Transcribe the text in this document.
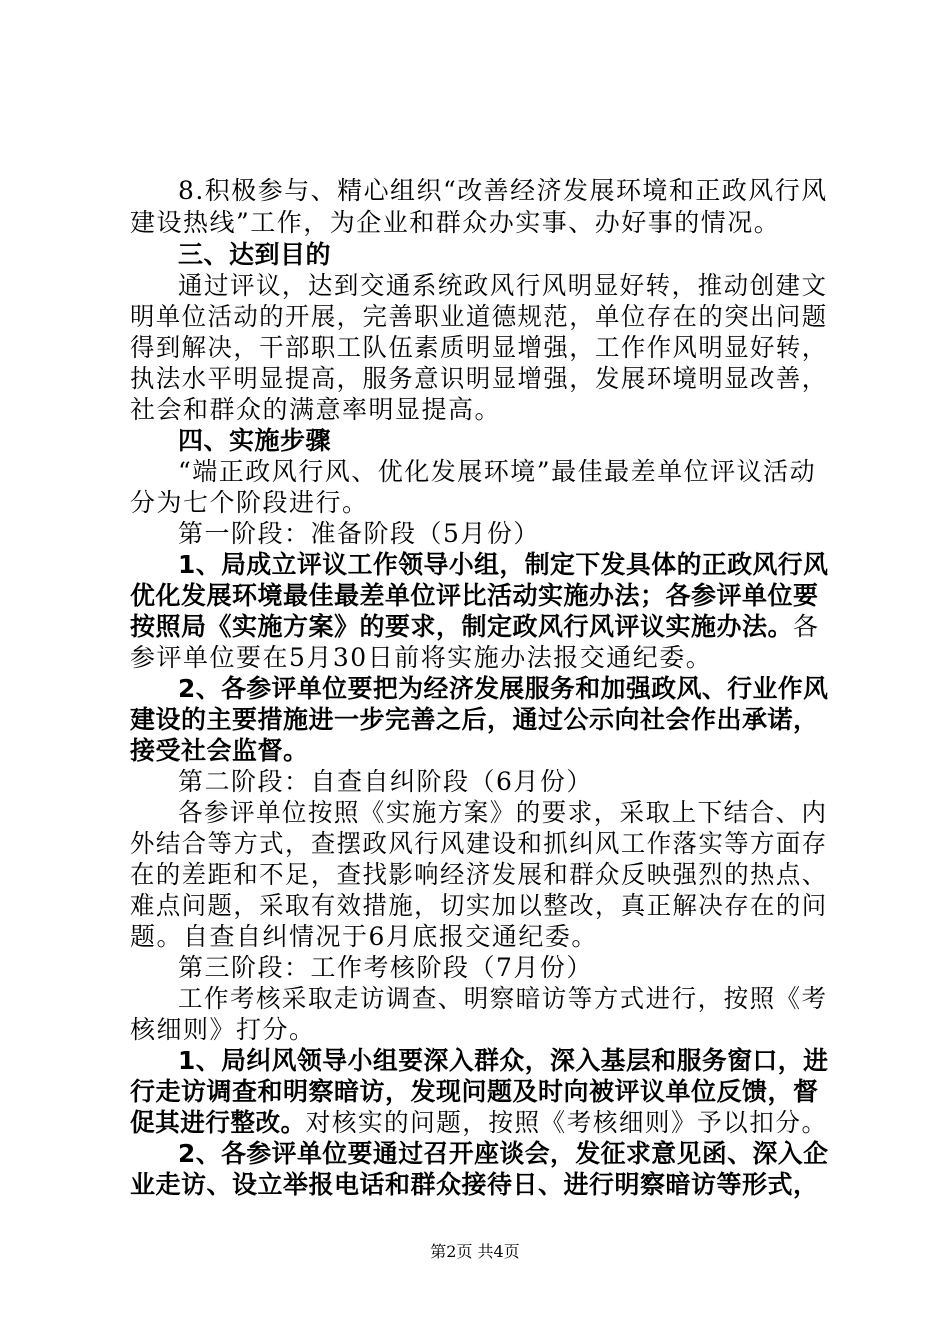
8.积极参与、精心组织“改善经济发展环境和正政风行风
建设热线”工作，为企业和群众办实事、办好事的情况。
三、达到目的
通过评议，达到交通系统政风行风明显好转，推动创建文
明单位活动的开展，完善职业道德规范，单位存在的突出问题
得到解决，干部职工队伍素质明显增强，工作作风明显好转，
执法水平明显提高，服务意识明显增强，发展环境明显改善，
社会和群众的满意率明显提高。
四、实施步骤
“端正政风行风、优化发展环境”最佳最差单位评议活动
分为七个阶段进行。
第一阶段：准备阶段（5月份）
1、局成立评议工作领导小组，制定下发具体的正政风行风
优化发展环境最佳最差单位评比活动实施办法；各参评单位要
按照局《实施方案》的要求，制定政风行风评议实施办法。各
参评单位要在5月30日前将实施办法报交通纪委。
2、各参评单位要把为经济发展服务和加强政风、行业作风
建设的主要措施进一步完善之后，通过公示向社会作出承诺，
接受社会监督。
第二阶段：自查自纠阶段（6月份）
各参评单位按照《实施方案》的要求，采取上下结合、内
外结合等方式，查摆政风行风建设和抓纠风工作落实等方面存
在的差距和不足，查找影响经济发展和群众反映强烈的热点、
难点问题，采取有效措施，切实加以整改，真正解决存在的问
题。自查自纠情况于6月底报交通纪委。
第三阶段：工作考核阶段（7月份）
工作考核采取走访调查、明察暗访等方式进行，按照《考
核细则》打分。
1、局纠风领导小组要深入群众，深入基层和服务窗口，进
行走访调查和明察暗访，发现问题及时向被评议单位反馈，督
促其进行整改。对核实的问题，按照《考核细则》予以扣分。
2、各参评单位要通过召开座谈会，发征求意见函、深入企
业走访、设立举报电话和群众接待日、进行明察暗访等形式，
第2页 共4页
